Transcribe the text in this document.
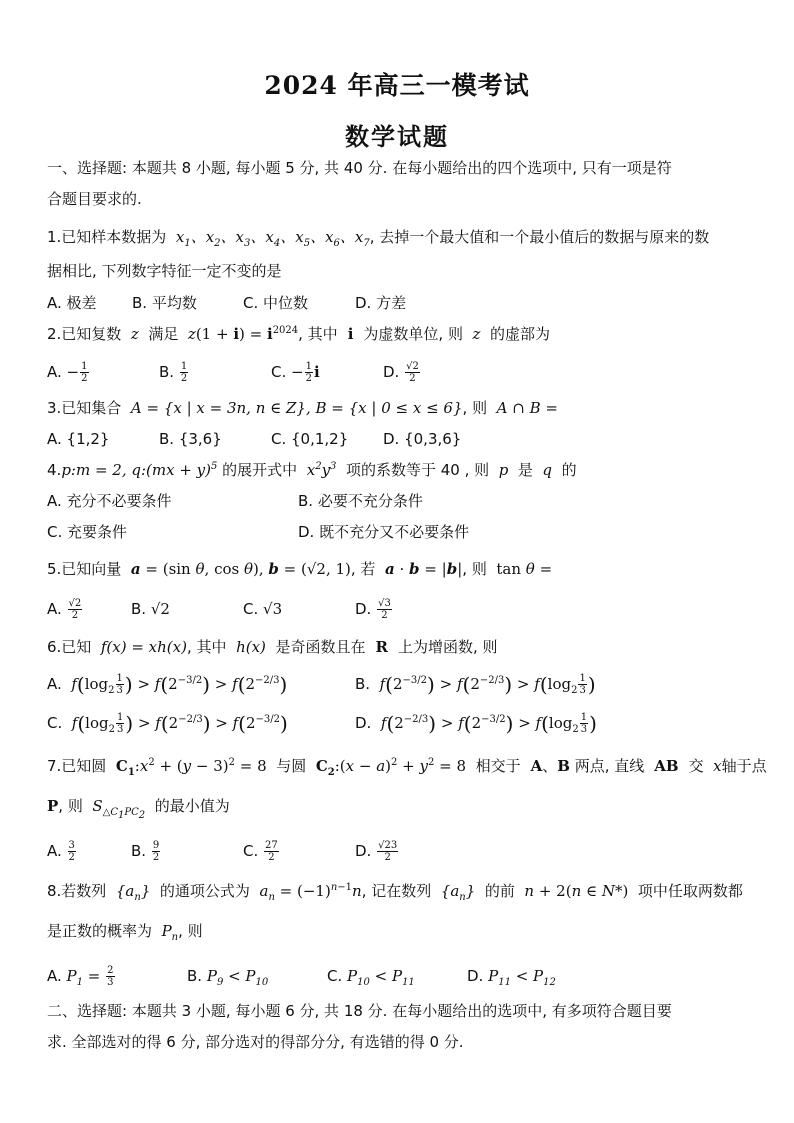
2024 年高三一模考试
数学试题
一、选择题: 本题共 8 小题, 每小题 5 分, 共 40 分. 在每小题给出的四个选项中, 只有一项是符
合题目要求的.
1.已知样本数据为  $x_1$、$x_2$、$x_3$、$x_4$、$x_5$、$x_6$、$x_7$, 去掉一个最大值和一个最小值后的数据与原来的数
据相比, 下列数字特征一定不变的是
A. 极差 B. 平均数	C. 中位数	D. 方差
2.已知复数  z  满足 $z(1 + i) = i^{2024}$, 其中  i  为虚数单位, 则  z  的虚部为
A. − $\frac{1}{2}$	B. $\frac{1}{2}$	C. − $\frac{1}{2}$ i	D. $\frac{√2}{2}$
3.已知集合  A = {x | x = 3n, n ∈ Z}, B = {x | 0 ≤ x ≤ 6}, 则  A ∩ B =
A. {1,2}	B. {3,6}	C. {0,1,2} D. {0,3,6}
4.p:m = 2, q:(mx + y)$^5$ 的展开式中  $x^2y^3$ 项的系数等于 40 , 则  p  是  q  的
A. 充分不必要条件	B. 必要不充分条件
C. 充要条件	D. 既不充分又不必要条件
5.已知向量 a = (sin θ, cos θ), b = (√2, 1), 若 a · b = |b|, 则  tan θ =
A. $\frac{√2}{2}$	B. √2	C. √3	D. $\frac{√3}{2}$
6.已知  f(x) = xh(x), 其中  h(x)  是奇函数且在  R  上为增函数, 则
A. $f(\log_2 \frac{1}{3}$ ) > $f(2^{-3/2}) > f(2^{-2/3})$	B. $f(2^{-3/2}) > f(2^{-2/3}) > f(\log_2 \frac{1}{3}$ )
C. $f(\log_2 \frac{1}{3}$ ) > $f(2^{-2/3}) > f(2^{-3/2})$	D. $f(2^{-2/3}) > f(2^{-3/2}) > f(\log_2 \frac{1}{3}$ )
7.已知圆 $C_1:x^2 + (y - 3)^2 = 8$  与圆 $C_2:(x - a)^2 + y^2 = 8$  相交于  A、B 两点, 直线  AB  交  x轴于点
P, 则  $S_{\triangle C_1PC_2}$  的最小值为
A. $\frac{3}{2}$	B. $\frac{9}{2}$	C. $\frac{27}{2}$	D. $\frac{√23}{2}$
8.若数列  $\{a_n\}$  的通项公式为 $a_n = (-1)^{n-1}n$, 记在数列  $\{a_n\}$  的前 n + 2(n ∈ N*)  项中任取两数都
是正数的概率为  $P_n$, 则
A. $P_1 = \frac{2}{3}$	B. $P_9 < P_{10}$	C. $P_{10} < P_{11}$	D. $P_{11} < P_{12}$
二、选择题: 本题共 3 小题, 每小题 6 分, 共 18 分. 在每小题给出的选项中, 有多项符合题目要
求. 全部选对的得 6 分, 部分选对的得部分分, 有选错的得 0 分.
